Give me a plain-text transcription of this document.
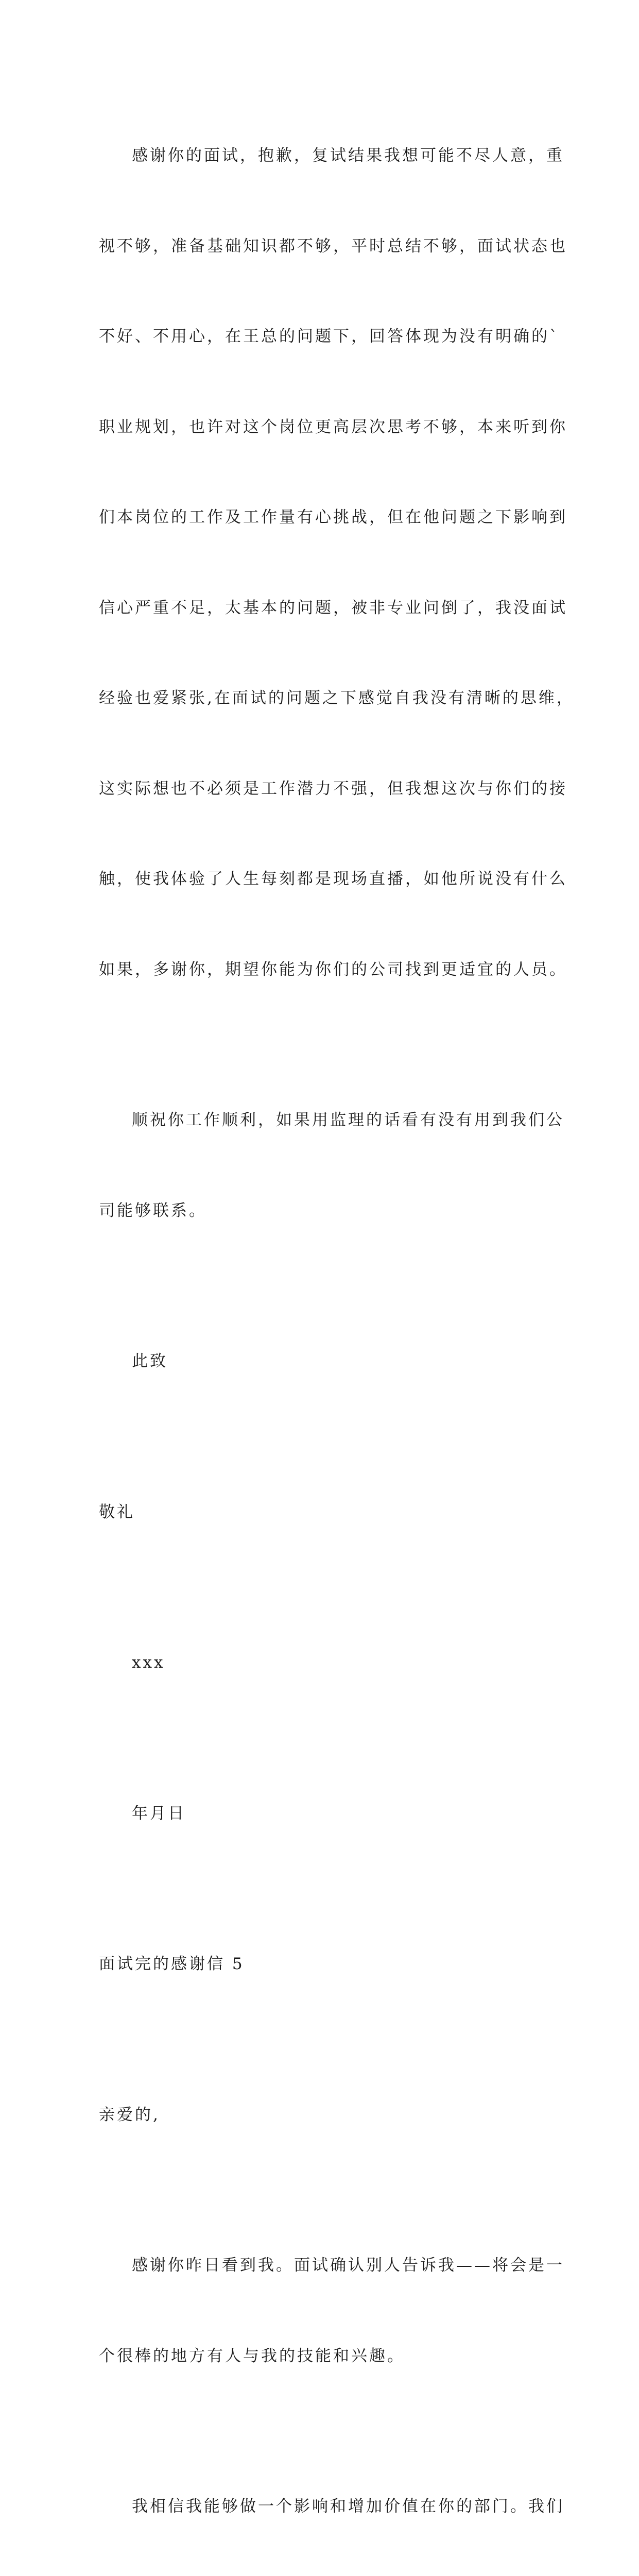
感谢你的面试，抱歉，复试结果我想可能不尽人意，重

视不够，准备基础知识都不够，平时总结不够，面试状态也

不好、不用心，在王总的问题下，回答体现为没有明确的`

职业规划，也许对这个岗位更高层次思考不够，本来听到你

们本岗位的工作及工作量有心挑战，但在他问题之下影响到

信心严重不足，太基本的问题，被非专业问倒了，我没面试

经验也爱紧张,在面试的问题之下感觉自我没有清晰的思维，

这实际想也不必须是工作潜力不强，但我想这次与你们的接

触，使我体验了人生每刻都是现场直播，如他所说没有什么

如果，多谢你，期望你能为你们的公司找到更适宜的人员。

顺祝你工作顺利，如果用监理的话看有没有用到我们公

司能够联系。

此致

敬礼

xxx

年月日

面试完的感谢信 5

亲爱的,

感谢你昨日看到我。面试确认别人告诉我——将会是一

个很棒的地方有人与我的技能和兴趣。

我相信我能够做一个影响和增加价值在你的部门。我们
